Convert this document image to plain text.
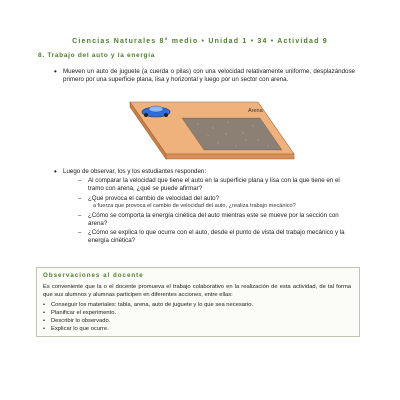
Ciencias Naturales 8° medio • Unidad 1 • 34 • Actividad 9
8. Trabajo del auto y la energía
• Mueven un auto de juguete (a cuerda o pilas) con una velocidad relativamente uniforme, desplazándose primero por una superficie plana, lisa y horizontal y luego por un sector con arena.
Arena
• Luego de observar, los y los estudiantes responden:
– Al comparar la velocidad que tiene el auto en la superficie plana y lisa con la que tiene en el tramo con arena, ¿qué se puede afirmar?
– ¿Qué provoca el cambio de velocidad del auto?
a fuerza que provoca el cambio de velocidad del auto, ¿realiza trabajo mecánico?
– ¿Cómo se comporta la energía cinética del auto mientras este se mueve por la sección con arena?
– ¿Cómo se explica lo que ocurre con el auto, desde el punto de vista del trabajo mecánico y la energía cinética?
Observaciones al docente
Es conveniente que la o el docente promueva el trabajo colaborativo en la realización de esta actividad, de tal forma que sus alumnos y alumnas participen en diferentes acciones, entre ellas:
• Conseguir los materiales: tabla, arena, auto de juguete y lo que sea necesario.
• Planificar el experimento.
• Describir lo observado.
• Explicar lo que ocurre.
